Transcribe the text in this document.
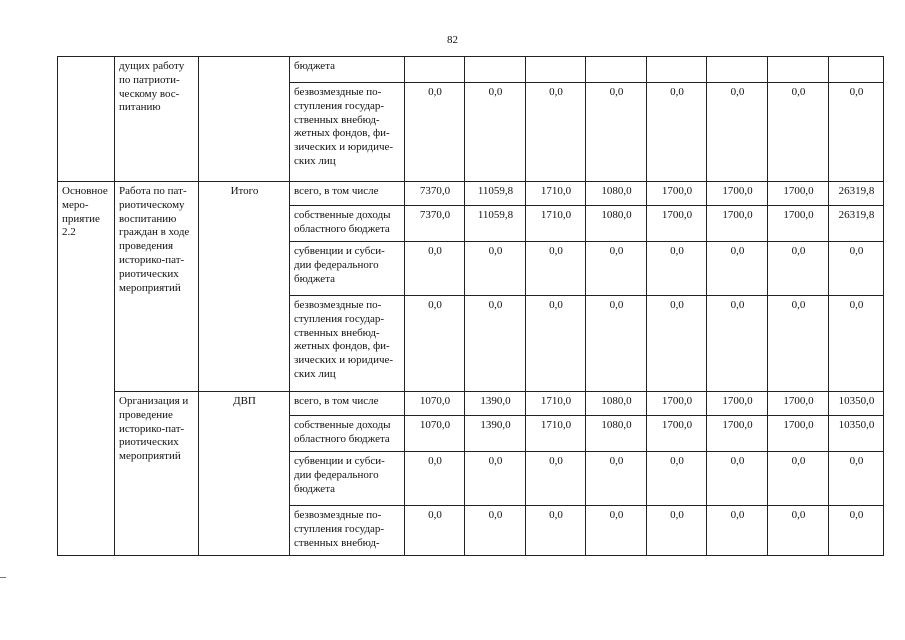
82
	дущих работу по патриоти-ческому вос-питанию		бюджета								
			безвозмездные по-ступления государ-ственных внебюд-жетных фондов, фи-зических и юридиче-ских лиц	0,0	0,0	0,0	0,0	0,0	0,0	0,0	0,0
Основное меро-приятие 2.2	Работа по пат-риотическому воспитанию граждан в ходе проведения историко-пат-риотических мероприятий	Итого	всего, в том числе	7370,0	11059,8	1710,0	1080,0	1700,0	1700,0	1700,0	26319,8
			собственные доходы областного бюджета	7370,0	11059,8	1710,0	1080,0	1700,0	1700,0	1700,0	26319,8
			субвенции и субси-дии федерального бюджета	0,0	0,0	0,0	0,0	0,0	0,0	0,0	0,0
			безвозмездные по-ступления государ-ственных внебюд-жетных фондов, фи-зических и юридиче-ских лиц	0,0	0,0	0,0	0,0	0,0	0,0	0,0	0,0
	Организация и проведение историко-пат-риотических мероприятий	ДВП	всего, в том числе	1070,0	1390,0	1710,0	1080,0	1700,0	1700,0	1700,0	10350,0
			собственные доходы областного бюджета	1070,0	1390,0	1710,0	1080,0	1700,0	1700,0	1700,0	10350,0
			субвенции и субси-дии федерального бюджета	0,0	0,0	0,0	0,0	0,0	0,0	0,0	0,0
			безвозмездные по-ступления государ-ственных внебюд-	0,0	0,0	0,0	0,0	0,0	0,0	0,0	0,0
